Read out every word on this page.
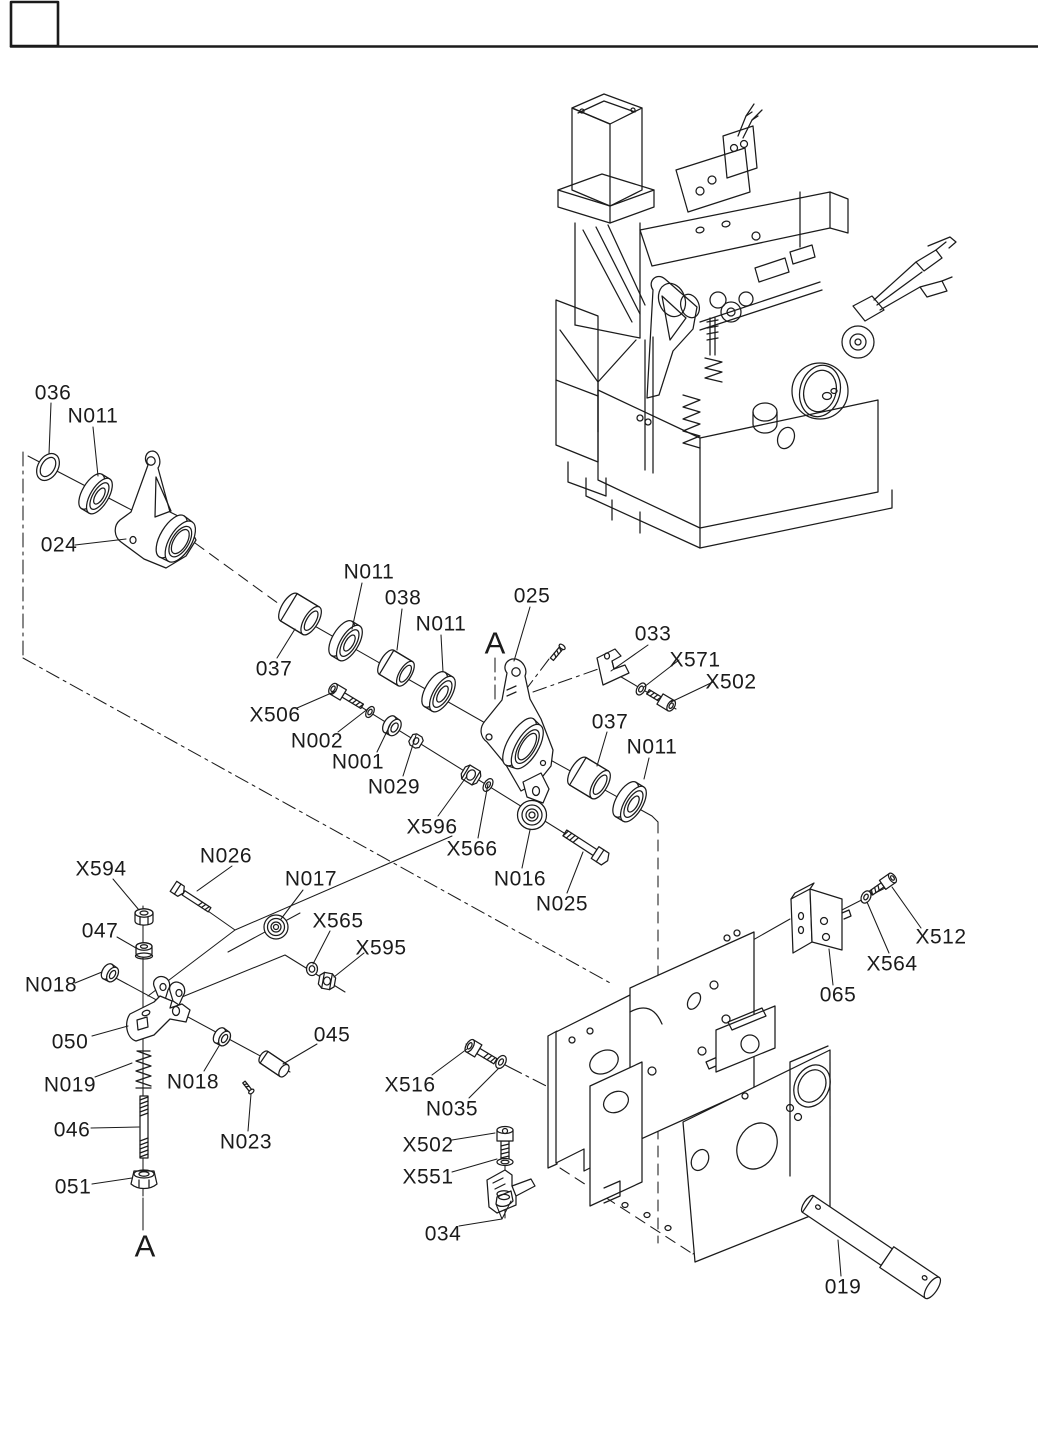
036
N011
024
N011
038
N011
025
033
X571
X502
037
X506
N002
037
N011
N001
N029
X596
X566
N016
N025
X594
N026
N017
X565
X595
047
N018
050
N019	N018
045
046
N023
051
X516
N035
X502
X551
034
X512
X564
065
019
A
A
